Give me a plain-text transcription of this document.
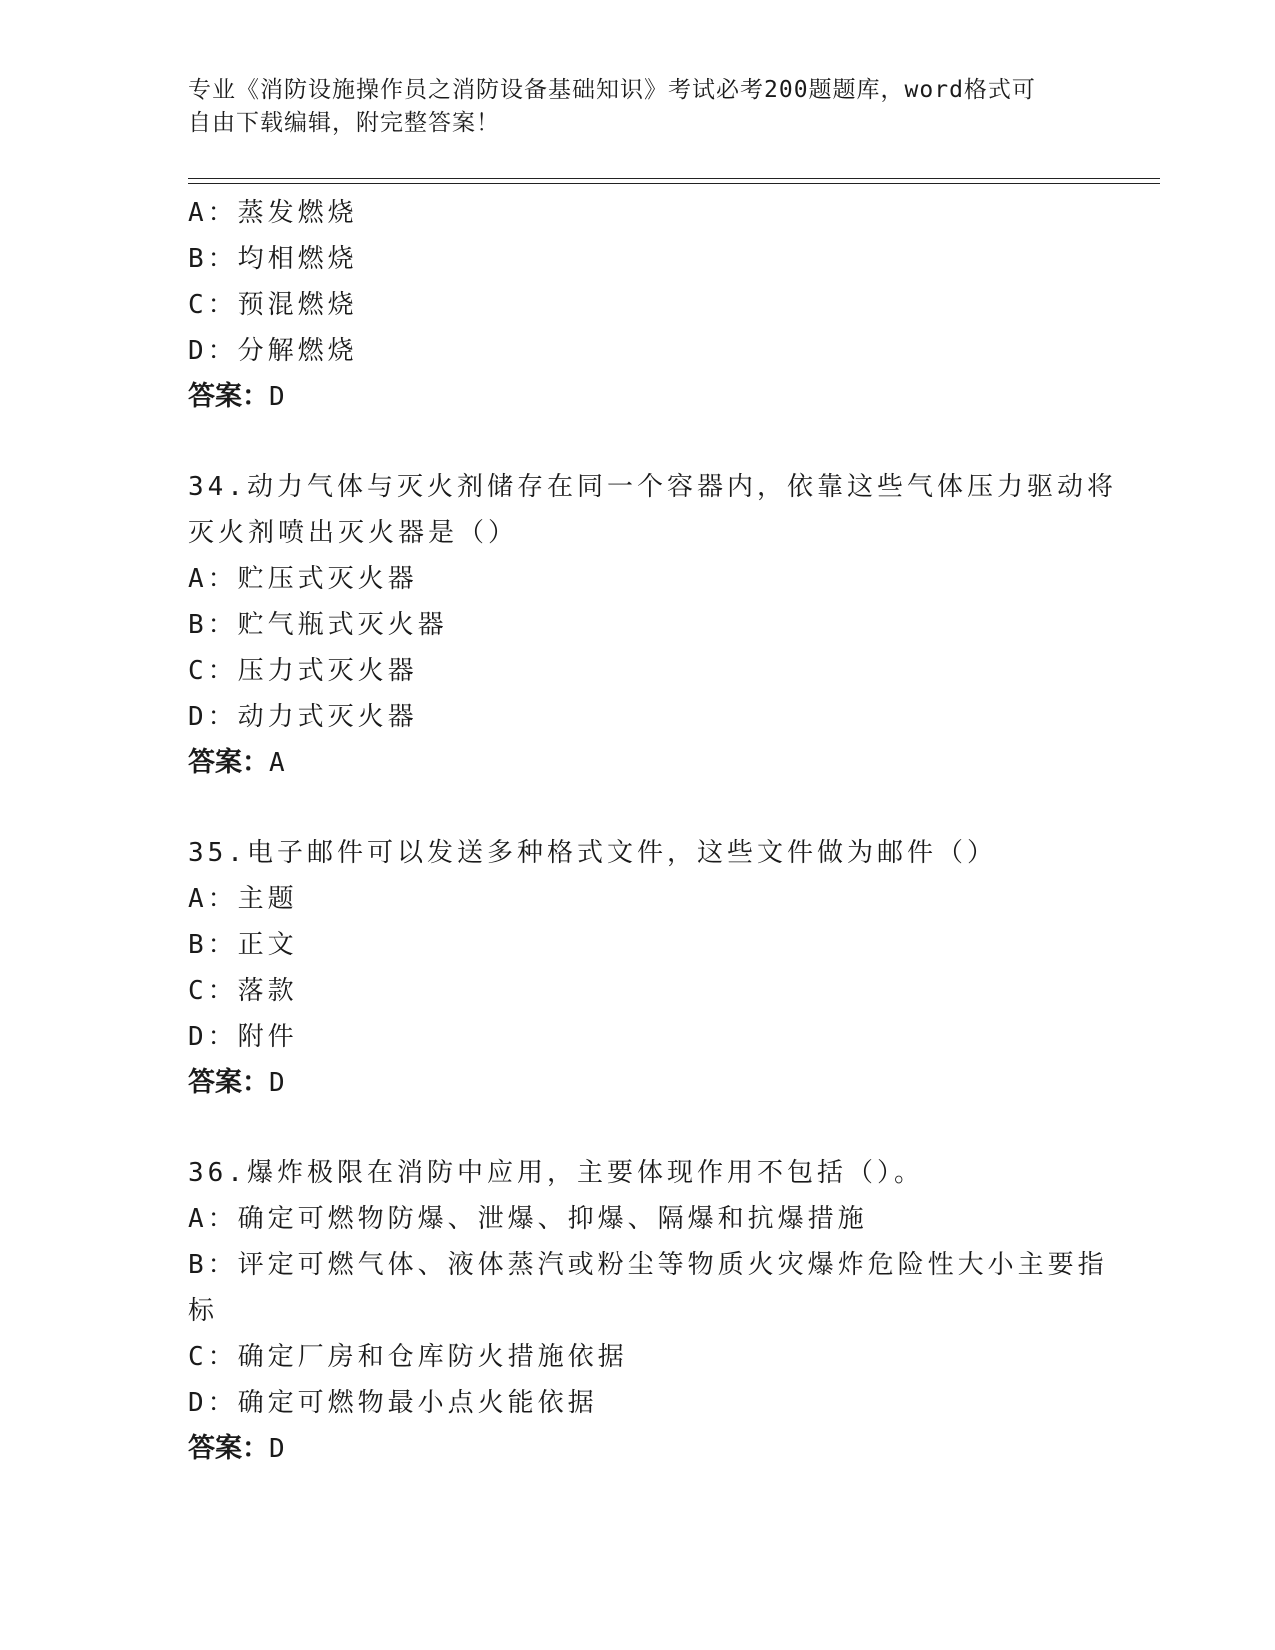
专业《消防设施操作员之消防设备基础知识》考试必考200题题库，word格式可
自由下载编辑，附完整答案！
A：蒸发燃烧
B：均相燃烧
C：预混燃烧
D：分解燃烧
答案：D
34.动力气体与灭火剂储存在同一个容器内，依靠这些气体压力驱动将
灭火剂喷出灭火器是（）
A：贮压式灭火器
B：贮气瓶式灭火器
C：压力式灭火器
D：动力式灭火器
答案：A
35.电子邮件可以发送多种格式文件，这些文件做为邮件（）
A：主题
B：正文
C：落款
D：附件
答案：D
36.爆炸极限在消防中应用，主要体现作用不包括（）。
A：确定可燃物防爆、泄爆、抑爆、隔爆和抗爆措施
B：评定可燃气体、液体蒸汽或粉尘等物质火灾爆炸危险性大小主要指
标
C：确定厂房和仓库防火措施依据
D：确定可燃物最小点火能依据
答案：D
